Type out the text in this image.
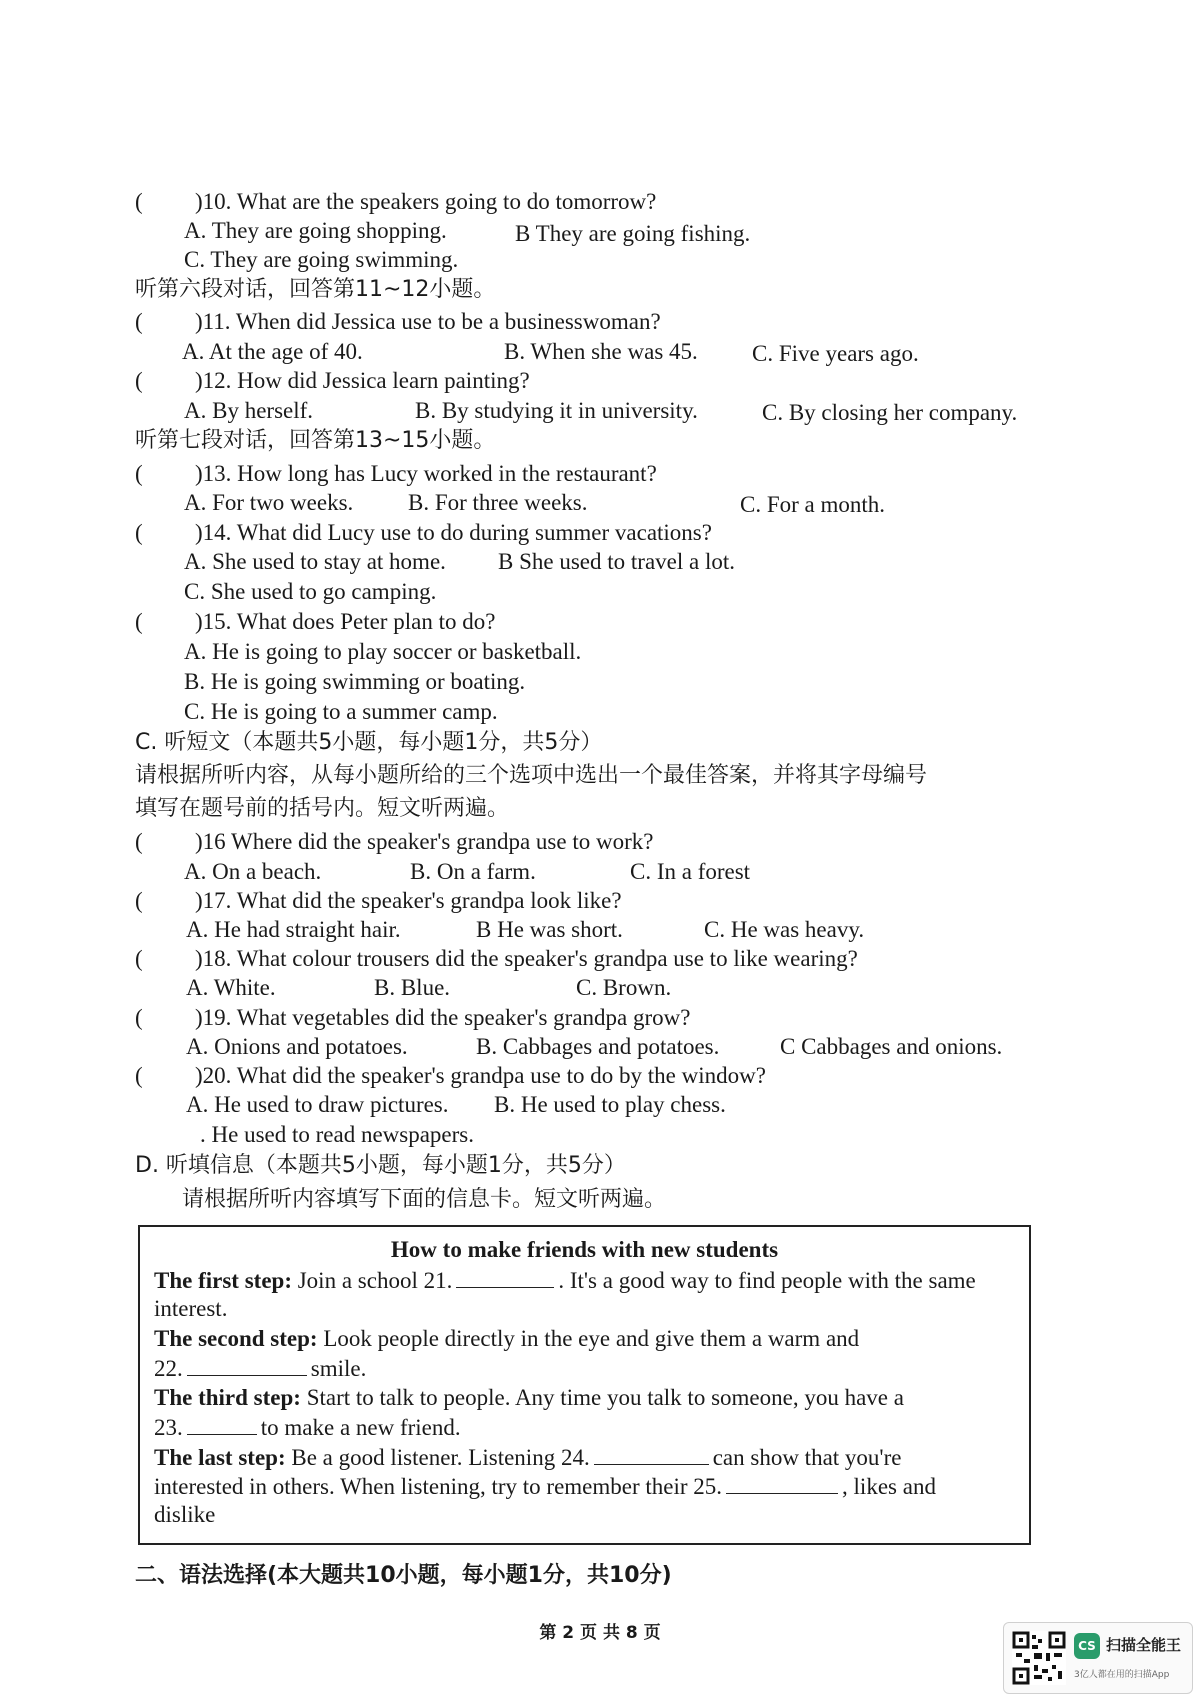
( )10. What are the speakers going to do tomorrow?
A. They are going shopping.	B They are going fishing.
C. They are going swimming.
听第六段对话，回答第11~12小题。
( )11. When did Jessica use to be a businesswoman?
A. At the age of 40.	B. When she was 45. C. Five years ago.
( )12. How did Jessica learn painting?
A. By herself.	B. By studying it in university.	C. By closing her company.
听第七段对话，回答第13~15小题。
( )13. How long has Lucy worked in the restaurant?
A. For two weeks. B. For three weeks.	C. For a month.
( )14. What did Lucy use to do during summer vacations?
A. She used to stay at home. B She used to travel a lot.
C. She used to go camping.
( )15. What does Peter plan to do?
A. He is going to play soccer or basketball.
B. He is going swimming or boating.
C. He is going to a summer camp.
C. 听短文（本题共5小题，每小题1分，共5分）
请根据所听内容，从每小题所给的三个选项中选出一个最佳答案，并将其字母编号
填写在题号前的括号内。短文听两遍。
( )16 Where did the speaker's grandpa use to work?
A. On a beach.	B. On a farm.	C. In a forest
( )17. What did the speaker's grandpa look like?
A. He had straight hair.	B He was short.	C. He was heavy.
( )18. What colour trousers did the speaker's grandpa use to like wearing?
A. White.	B. Blue.	C. Brown.
( )19. What vegetables did the speaker's grandpa grow?
A. Onions and potatoes.	B. Cabbages and potatoes.	C Cabbages and onions.
( )20. What did the speaker's grandpa use to do by the window?
A. He used to draw pictures. B. He used to play chess.
. He used to read newspapers.
D. 听填信息（本题共5小题，每小题1分，共5分）
请根据所听内容填写下面的信息卡。短文听两遍。
How to make friends with new students
The first step: Join a school 21.	. It's a good way to find people with the same
interest.
The second step: Look people directly in the eye and give them a warm and
22.	smile.
The third step: Start to talk to people. Any time you talk to someone, you have a
23.	to make a new friend.
The last step: Be a good listener. Listening 24.	can show that you're
interested in others. When listening, try to remember their 25.	, likes and
dislike
二、语法选择(本大题共10小题，每小题1分，共10分)
第 2 页 共 8 页
CS 扫描全能王
3亿人都在用的扫描App
